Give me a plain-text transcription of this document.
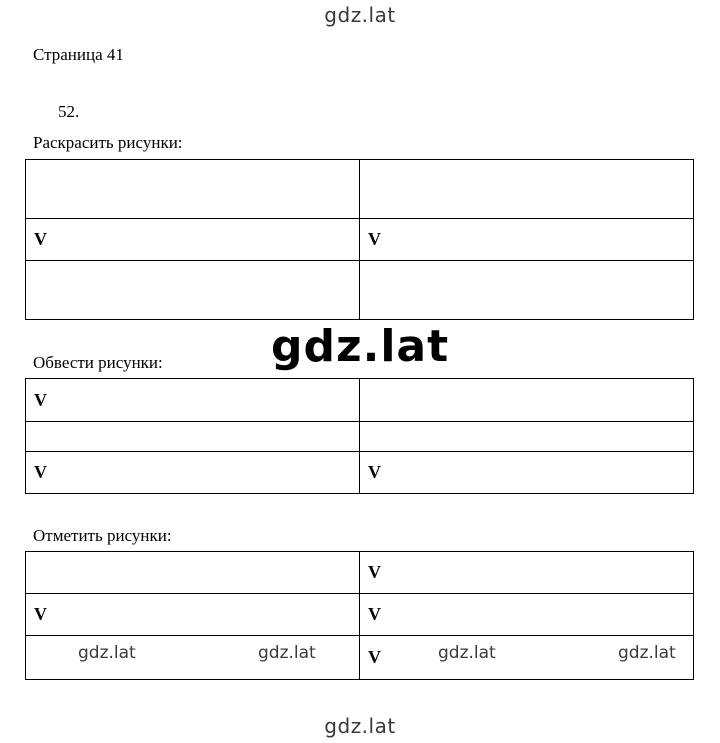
gdz.lat
Страница 41
52.
Раскрасить рисунки:

V	V

Обвести рисунки:
V	

V	V
Отметить рисунки:
	V
V	V
	V
gdz.lat
gdz.lat	gdz.lat	gdz.lat	gdz.lat
gdz.lat
